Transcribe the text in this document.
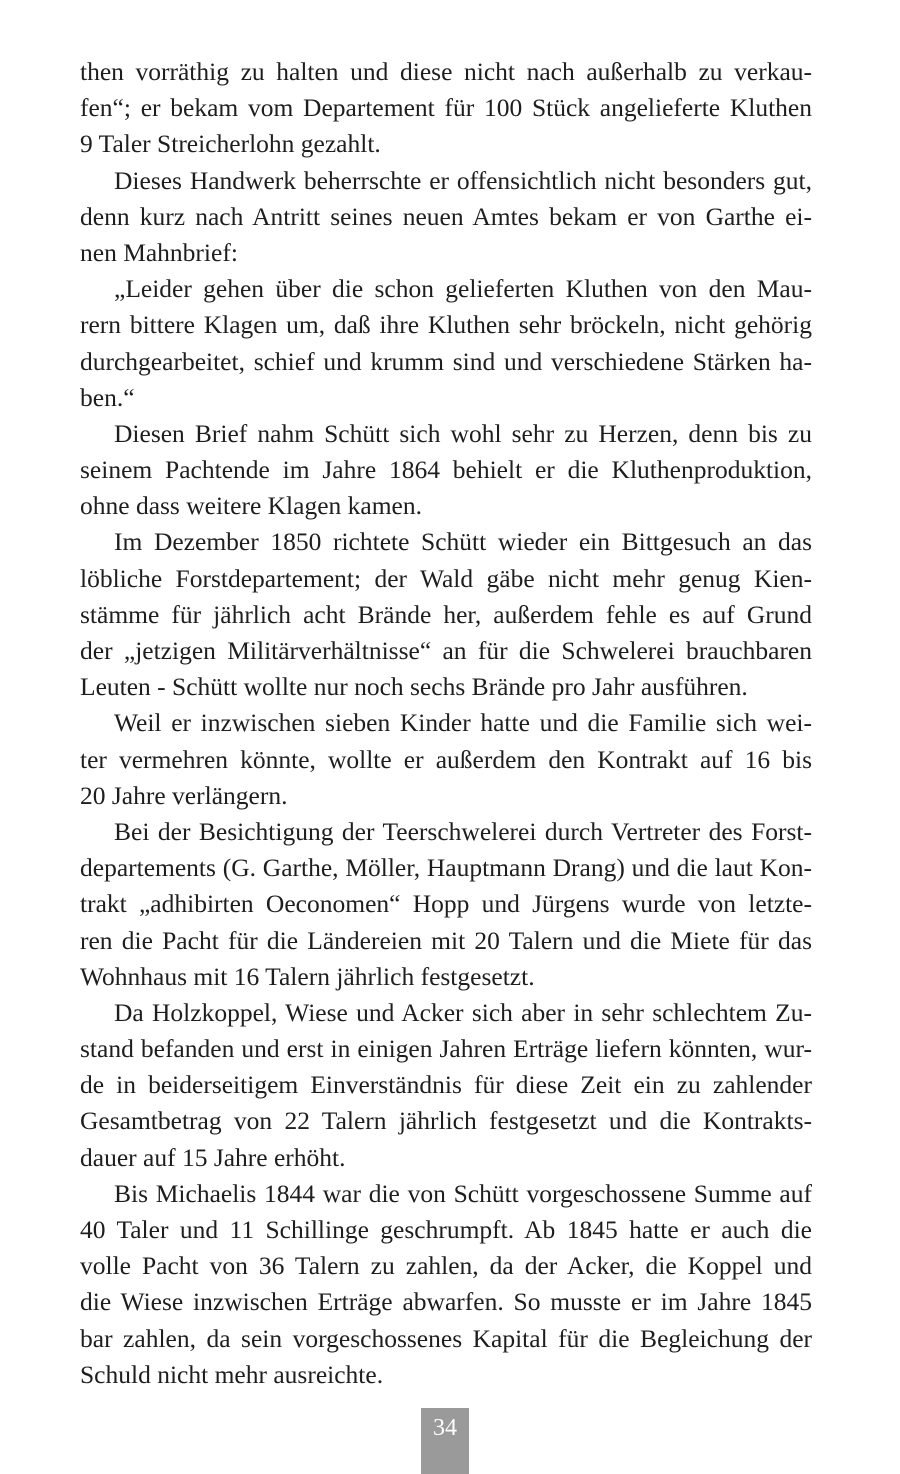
then vorräthig zu halten und diese nicht nach außerhalb zu verkau-
fen“; er bekam vom Departement für 100 Stück angelieferte Kluthen
9 Taler Streicherlohn gezahlt.
Dieses Handwerk beherrschte er offensichtlich nicht besonders gut,
denn kurz nach Antritt seines neuen Amtes bekam er von Garthe ei-
nen Mahnbrief:
„Leider gehen über die schon gelieferten Kluthen von den Mau-
rern bittere Klagen um, daß ihre Kluthen sehr bröckeln, nicht gehörig
durchgearbeitet, schief und krumm sind und verschiedene Stärken ha-
ben.“
Diesen Brief nahm Schütt sich wohl sehr zu Herzen, denn bis zu
seinem Pachtende im Jahre 1864 behielt er die Kluthenproduktion,
ohne dass weitere Klagen kamen.
Im Dezember 1850 richtete Schütt wieder ein Bittgesuch an das
löbliche Forstdepartement; der Wald gäbe nicht mehr genug Kien-
stämme für jährlich acht Brände her, außerdem fehle es auf Grund
der „jetzigen Militärverhältnisse“ an für die Schwelerei brauchbaren
Leuten - Schütt wollte nur noch sechs Brände pro Jahr ausführen.
Weil er inzwischen sieben Kinder hatte und die Familie sich wei-
ter vermehren könnte, wollte er außerdem den Kontrakt auf 16 bis
20 Jahre verlängern.
Bei der Besichtigung der Teerschwelerei durch Vertreter des Forst-
departements (G. Garthe, Möller, Hauptmann Drang) und die laut Kon-
trakt „adhibirten Oeconomen“ Hopp und Jürgens wurde von letzte-
ren die Pacht für die Ländereien mit 20 Talern und die Miete für das
Wohnhaus mit 16 Talern jährlich festgesetzt.
Da Holzkoppel, Wiese und Acker sich aber in sehr schlechtem Zu-
stand befanden und erst in einigen Jahren Erträge liefern könnten, wur-
de in beiderseitigem Einverständnis für diese Zeit ein zu zahlender
Gesamtbetrag von 22 Talern jährlich festgesetzt und die Kontrakts-
dauer auf 15 Jahre erhöht.
Bis Michaelis 1844 war die von Schütt vorgeschossene Summe auf
40 Taler und 11 Schillinge geschrumpft. Ab 1845 hatte er auch die
volle Pacht von 36 Talern zu zahlen, da der Acker, die Koppel und
die Wiese inzwischen Erträge abwarfen. So musste er im Jahre 1845
bar zahlen, da sein vorgeschossenes Kapital für die Begleichung der
Schuld nicht mehr ausreichte.
34
